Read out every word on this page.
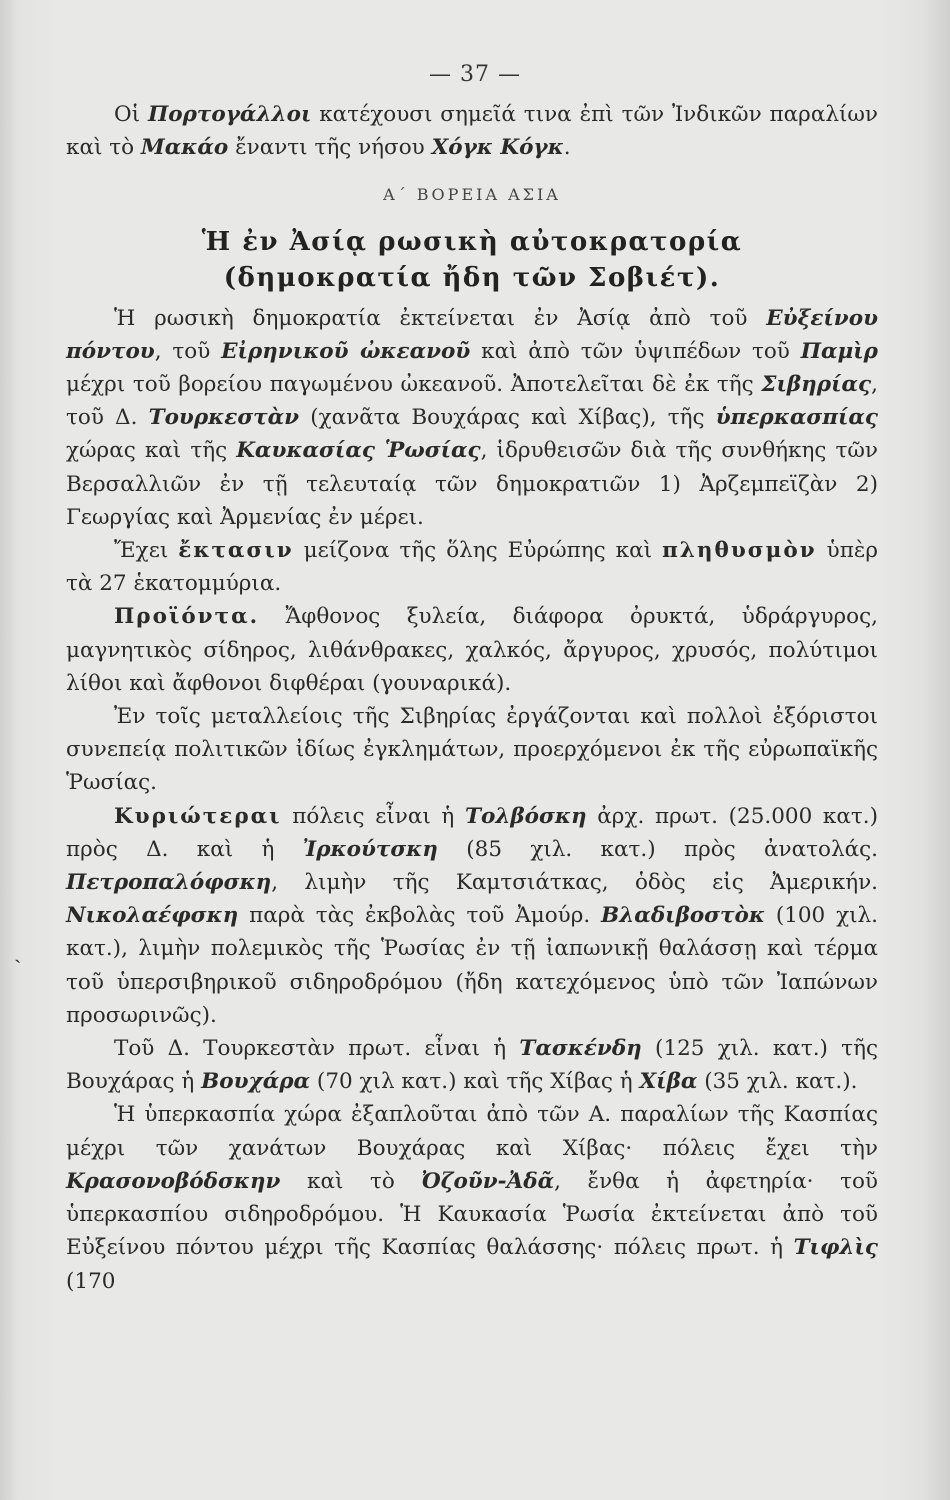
— 37 —

Οἱ Πορτογάλλοι κατέχουσι σημεῖά τινα ἐπὶ τῶν Ἰνδικῶν παραλίων καὶ τὸ Μακάο ἔναντι τῆς νήσου Χόγκ Κόγκ.

Α΄ ΒΟΡΕΙΑ ΑΣΙΑ
Ἡ ἐν Ἀσίᾳ ρωσικὴ αὐτοκρατορία
(δημοκρατία ἤδη τῶν Σοβιέτ).

Ἡ ρωσικὴ δημοκρατία ἐκτείνεται ἐν Ἀσίᾳ ἀπὸ τοῦ Εὐξείνου πόντου, τοῦ Εἰρηνικοῦ ὠκεανοῦ καὶ ἀπὸ τῶν ὑψιπέδων τοῦ Παμὶρ μέχρι τοῦ βορείου παγωμένου ὠκεανοῦ. Ἀποτελεῖται δὲ ἐκ τῆς Σιβηρίας, τοῦ Δ. Τουρκεστὰν (χανᾶτα Βουχάρας καὶ Χίβας), τῆς ὑπερκασπίας χώρας καὶ τῆς Καυκασίας Ῥωσίας, ἱδρυθεισῶν διὰ τῆς συνθήκης τῶν Βερσαλλιῶν ἐν τῇ τελευταίᾳ τῶν δημοκρατιῶν 1) Ἀρζεμπεϊζὰν 2) Γεωργίας καὶ Ἀρμενίας ἐν μέρει.

Ἔχει ἔκτασιν μείζονα τῆς ὅλης Εὐρώπης καὶ πληθυσμὸν ὑπὲρ τὰ 27 ἑκατομμύρια.

Προϊόντα. Ἄφθονος ξυλεία, διάφορα ὀρυκτά, ὑδράργυρος, μαγνητικὸς σίδηρος, λιθάνθρακες, χαλκός, ἄργυρος, χρυσός, πολύτιμοι λίθοι καὶ ἄφθονοι διφθέραι (γουναρικά).

Ἐν τοῖς μεταλλείοις τῆς Σιβηρίας ἐργάζονται καὶ πολλοὶ ἐξόριστοι συνεπείᾳ πολιτικῶν ἰδίως ἐγκλημάτων, προερχόμενοι ἐκ τῆς εὐρωπαϊκῆς Ῥωσίας.

Κυριώτεραι πόλεις εἶναι ἡ Τολβόσκη ἀρχ. πρωτ. (25.000 κατ.) πρὸς Δ. καὶ ἡ Ἰρκούτσκη (85 χιλ. κατ.) πρὸς ἀνατολάς. Πετροπαλόφσκη, λιμὴν τῆς Καμτσιάτκας, ὁδὸς εἰς Ἀμερικήν. Νικολαέφσκη παρὰ τὰς ἐκβολὰς τοῦ Ἀμούρ. Βλαδιβοστὸκ (100 χιλ. κατ.), λιμὴν πολεμικὸς τῆς Ῥωσίας ἐν τῇ ἰαπωνικῇ θαλάσσῃ καὶ τέρμα τοῦ ὑπερσιβηρικοῦ σιδηροδρόμου (ἤδη κατεχόμενος ὑπὸ τῶν Ἰαπώνων προσωρινῶς).

Τοῦ Δ. Τουρκεστὰν πρωτ. εἶναι ἡ Τασκένδη (125 χιλ. κατ.) τῆς Βουχάρας ἡ Βουχάρα (70 χιλ κατ.) καὶ τῆς Χίβας ἡ Χίβα (35 χιλ. κατ.).

Ἡ ὑπερκασπία χώρα ἐξαπλοῦται ἀπὸ τῶν Α. παραλίων τῆς Κασπίας μέχρι τῶν χανάτων Βουχάρας καὶ Χίβας· πόλεις ἔχει τὴν Κρασονοβόδσκην καὶ τὸ Ὀζοῦν-Ἀδᾶ, ἔνθα ἡ ἀφετηρία· τοῦ ὑπερκασπίου σιδηροδρόμου. Ἡ Καυκασία Ῥωσία ἐκτείνεται ἀπὸ τοῦ Εὐξείνου πόντου μέχρι τῆς Κασπίας θαλάσσης· πόλεις πρωτ. ἡ Τιφλὶς (170

ˏ
